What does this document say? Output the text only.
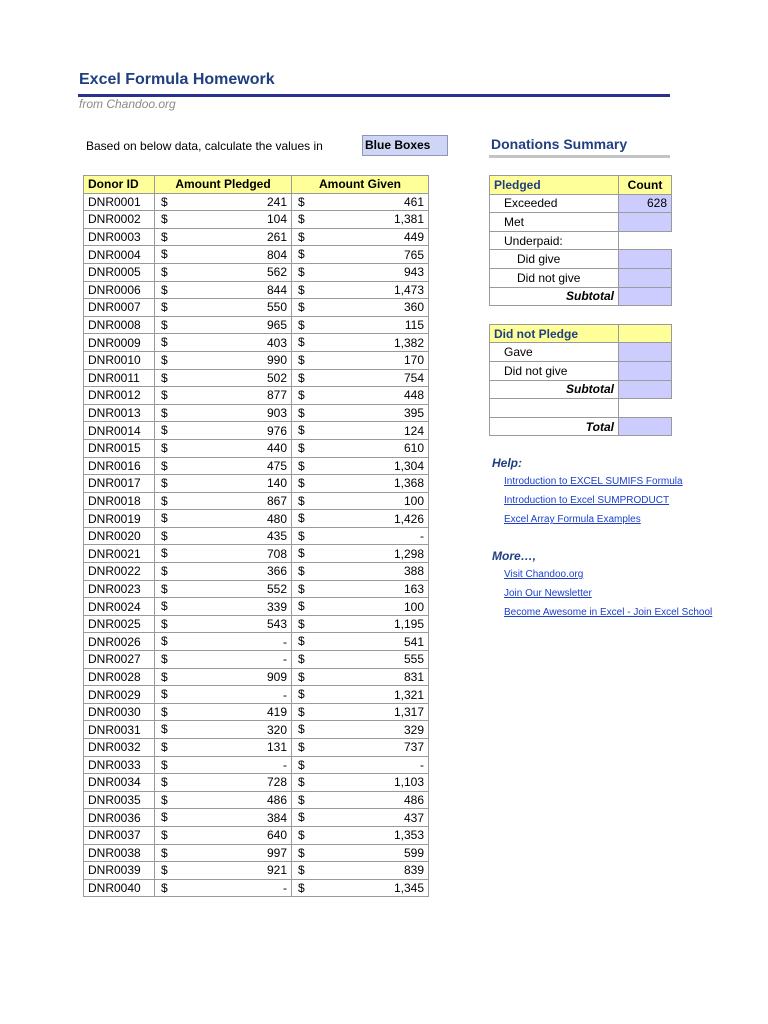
Excel Formula Homework
from Chandoo.org
Based on below data, calculate the values in	Blue Boxes	Donations Summary
Donor ID	Amount Pledged	Amount Given
DNR0001	$ 241	$ 461

DNR0002	$ 104	$ 1,381

DNR0003	$ 261	$ 449

DNR0004	$ 804	$ 765

DNR0005	$ 562	$ 943

DNR0006	$ 844	$ 1,473

DNR0007	$ 550	$ 360

DNR0008	$ 965	$ 115

DNR0009	$ 403	$ 1,382

DNR0010	$ 990	$ 170

DNR0011	$ 502	$ 754

DNR0012	$ 877	$ 448

DNR0013	$ 903	$ 395

DNR0014	$ 976	$ 124

DNR0015	$ 440	$ 610

DNR0016	$ 475	$ 1,304

DNR0017	$ 140	$ 1,368

DNR0018	$ 867	$ 100

DNR0019	$ 480	$ 1,426

DNR0020	$ 435	$ -

DNR0021	$ 708	$ 1,298

DNR0022	$ 366	$ 388

DNR0023	$ 552	$ 163

DNR0024	$ 339	$ 100

DNR0025	$ 543	$ 1,195

DNR0026	$ -	$ 541

DNR0027	$ -	$ 555

DNR0028	$ 909	$ 831

DNR0029	$ -	$ 1,321

DNR0030	$ 419	$ 1,317

DNR0031	$ 320	$ 329

DNR0032	$ 131	$ 737

DNR0033	$ -	$ -

DNR0034	$ 728	$ 1,103

DNR0035	$ 486	$ 486

DNR0036	$ 384	$ 437

DNR0037	$ 640	$ 1,353

DNR0038	$ 997	$ 599

DNR0039	$ 921	$ 839

DNR0040	$ -	$ 1,345
Pledged	Count
Exceeded	628
Met	
Underpaid:	
Did give	
Did not give	
Subtotal	

Did not Pledge	
Gave	
Did not give	
Subtotal	

Total	
Help:
Introduction to EXCEL SUMIFS Formula
Introduction to Excel SUMPRODUCT
Excel Array Formula Examples
More…,
Visit Chandoo.org
Join Our Newsletter
Become Awesome in Excel - Join Excel School
